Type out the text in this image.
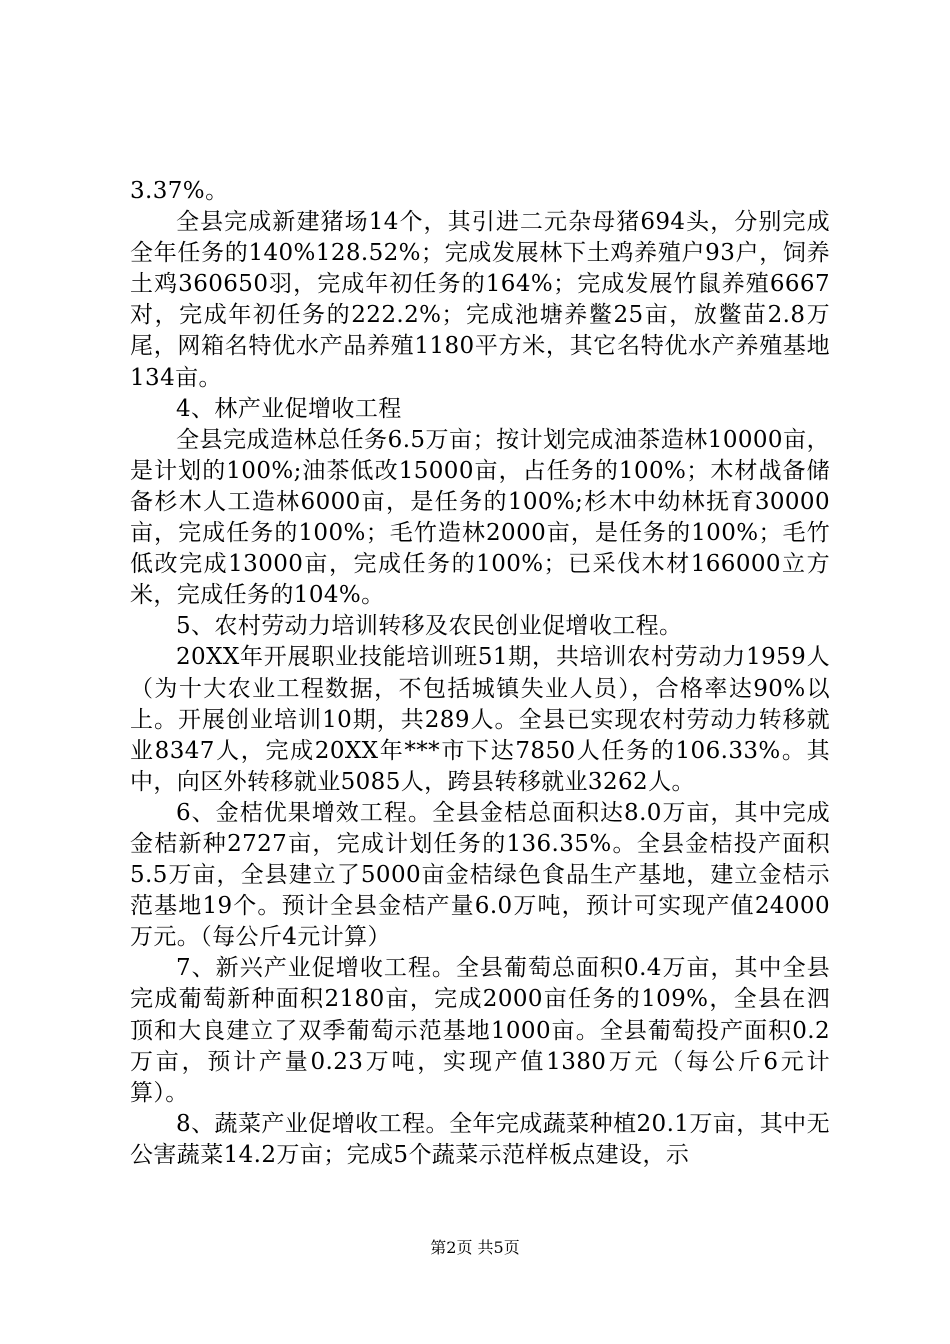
3.37%。

全县完成新建猪场14个，其引进二元杂母猪694头，分别完成全年任务的140%128.52%；完成发展林下土鸡养殖户93户，饲养土鸡360650羽，完成年初任务的164%；完成发展竹鼠养殖6667对，完成年初任务的222.2%；完成池塘养鳖25亩，放鳖苗2.8万尾，网箱名特优水产品养殖1180平方米，其它名特优水产养殖基地134亩。

4、林产业促增收工程

全县完成造林总任务6.5万亩；按计划完成油茶造林10000亩，是计划的100%;油茶低改15000亩，占任务的100%；木材战备储备杉木人工造林6000亩，是任务的100%;杉木中幼林抚育30000亩，完成任务的100%；毛竹造林2000亩，是任务的100%；毛竹低改完成13000亩，完成任务的100%；已采伐木材166000立方米，完成任务的104%。

5、农村劳动力培训转移及农民创业促增收工程。

20XX年开展职业技能培训班51期，共培训农村劳动力1959人（为十大农业工程数据，不包括城镇失业人员），合格率达90%以上。开展创业培训10期，共289人。全县已实现农村劳动力转移就业8347人，完成20XX年***市下达7850人任务的106.33%。其中，向区外转移就业5085人，跨县转移就业3262人。

6、金桔优果增效工程。全县金桔总面积达8.0万亩，其中完成金桔新种2727亩，完成计划任务的136.35%。全县金桔投产面积5.5万亩，全县建立了5000亩金桔绿色食品生产基地，建立金桔示范基地19个。预计全县金桔产量6.0万吨，预计可实现产值24000万元。（每公斤4元计算）

7、新兴产业促增收工程。全县葡萄总面积0.4万亩，其中全县完成葡萄新种面积2180亩，完成2000亩任务的109%，全县在泗顶和大良建立了双季葡萄示范基地1000亩。全县葡萄投产面积0.2万亩，预计产量0.23万吨，实现产值1380万元（每公斤6元计算）。

8、蔬菜产业促增收工程。全年完成蔬菜种植20.1万亩，其中无公害蔬菜14.2万亩；完成5个蔬菜示范样板点建设，示

第2页 共5页
